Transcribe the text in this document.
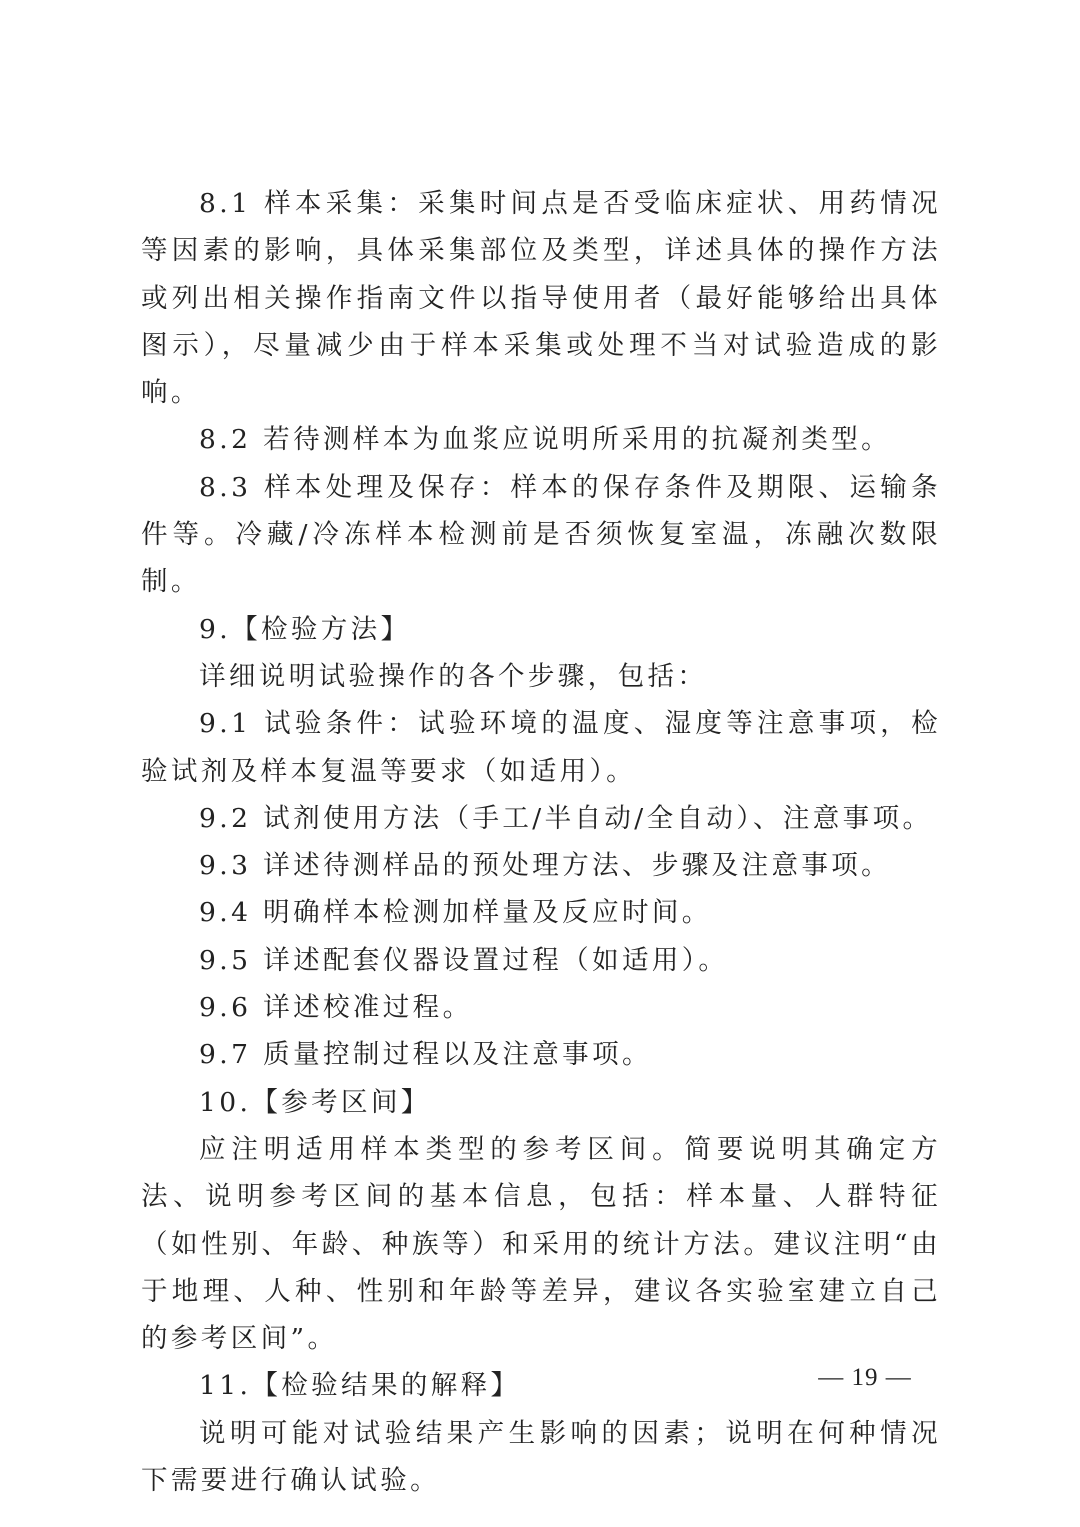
8.1 样本采集：采集时间点是否受临床症状、用药情况等因素的影响，具体采集部位及类型，详述具体的操作方法或列出相关操作指南文件以指导使用者（最好能够给出具体图示），尽量减少由于样本采集或处理不当对试验造成的影响。

8.2 若待测样本为血浆应说明所采用的抗凝剂类型。

8.3 样本处理及保存：样本的保存条件及期限、运输条件等。冷藏/冷冻样本检测前是否须恢复室温，冻融次数限制。

9.【检验方法】

详细说明试验操作的各个步骤，包括：

9.1 试验条件：试验环境的温度、湿度等注意事项，检验试剂及样本复温等要求（如适用）。

9.2 试剂使用方法（手工/半自动/全自动）、注意事项。

9.3 详述待测样品的预处理方法、步骤及注意事项。

9.4 明确样本检测加样量及反应时间。

9.5 详述配套仪器设置过程（如适用）。

9.6 详述校准过程。

9.7 质量控制过程以及注意事项。

10.【参考区间】

应注明适用样本类型的参考区间。简要说明其确定方法、说明参考区间的基本信息，包括：样本量、人群特征（如性别、年龄、种族等）和采用的统计方法。建议注明“由于地理、人种、性别和年龄等差异，建议各实验室建立自己的参考区间”。

11.【检验结果的解释】

说明可能对试验结果产生影响的因素；说明在何种情况下需要进行确认试验。

— 19 —
